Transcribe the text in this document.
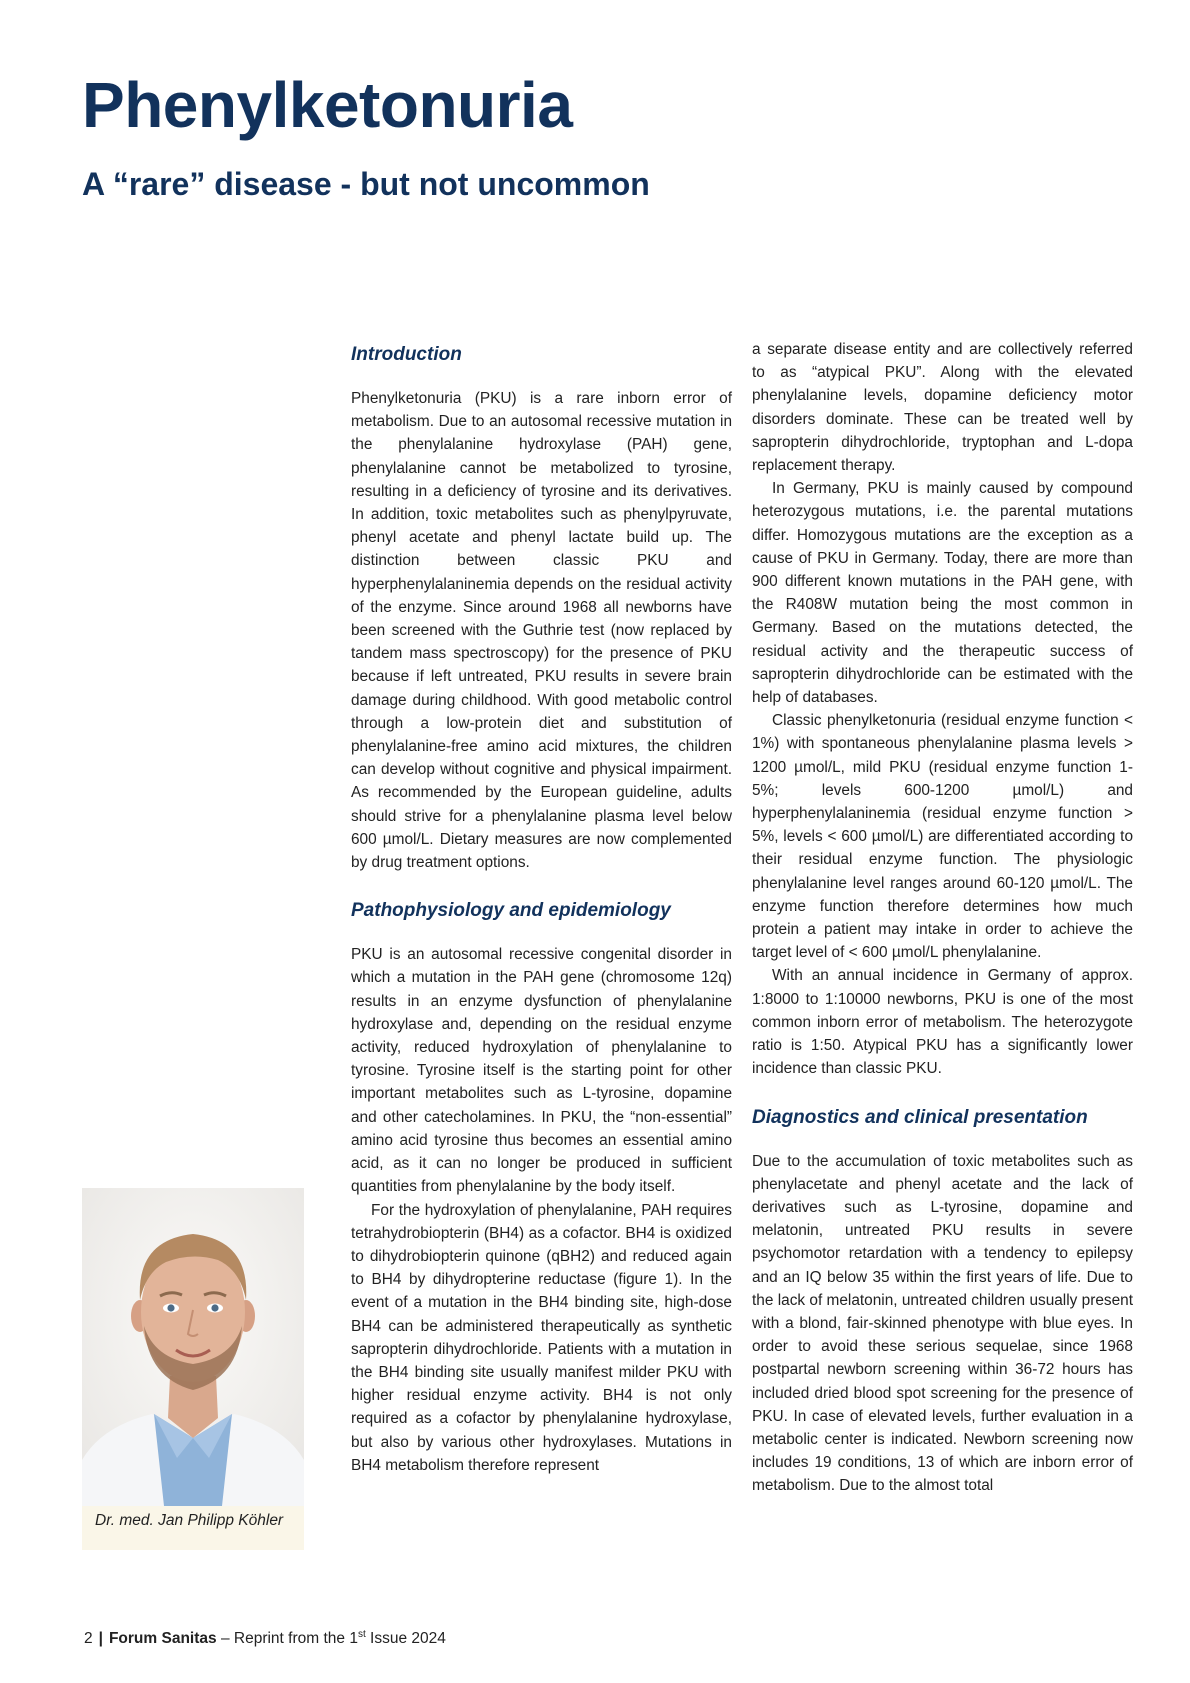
Phenylketonuria
A “rare” disease - but not uncommon
Introduction

Phenylketonuria (PKU) is a rare inborn error of metabolism. Due to an autosomal recessive mutation in the phenylalanine hydroxylase (PAH) gene, phenylalanine cannot be metabolized to tyrosine, resulting in a deficiency of tyrosine and its derivatives. In addition, toxic metabolites such as phenylpyruvate, phenyl acetate and phenyl lactate build up. The distinction between classic PKU and hyperphenylalaninemia depends on the residual activity of the enzyme. Since around 1968 all newborns have been screened with the Guthrie test (now replaced by tandem mass spectroscopy) for the presence of PKU because if left untreated, PKU results in severe brain damage during childhood. With good metabolic control through a low-protein diet and substitution of phenylalanine-free amino acid mixtures, the children can develop without cognitive and physical impairment. As recommended by the European guideline, adults should strive for a phenylalanine plasma level below 600 µmol/L. Dietary measures are now complemented by drug treatment options.

Pathophysiology and epidemiology

PKU is an autosomal recessive congenital disorder in which a mutation in the PAH gene (chromosome 12q) results in an enzyme dysfunction of phenylalanine hydroxylase and, depending on the residual enzyme activity, reduced hydroxylation of phenylalanine to tyrosine. Tyrosine itself is the starting point for other important metabolites such as L-tyrosine, dopamine and other catecholamines. In PKU, the “non-essential” amino acid tyrosine thus becomes an essential amino acid, as it can no longer be produced in sufficient quantities from phenylalanine by the body itself.

For the hydroxylation of phenylalanine, PAH requires tetrahydrobiopterin (BH4) as a cofactor. BH4 is oxidized to dihydrobiopterin quinone (qBH2) and reduced again to BH4 by dihydropterine reductase (figure 1). In the event of a mutation in the BH4 binding site, high-dose BH4 can be administered therapeutically as synthetic sapropterin dihydrochloride. Patients with a mutation in the BH4 binding site usually manifest milder PKU with higher residual enzyme activity. BH4 is not only required as a cofactor by phenylalanine hydroxylase, but also by various other hydroxylases. Mutations in BH4 metabolism therefore represent

a separate disease entity and are collectively referred to as “atypical PKU”. Along with the elevated phenylalanine levels, dopamine deficiency motor disorders dominate. These can be treated well by sapropterin dihydrochloride, tryptophan and L-dopa replacement therapy.

In Germany, PKU is mainly caused by compound heterozygous mutations, i.e. the parental mutations differ. Homozygous mutations are the exception as a cause of PKU in Germany. Today, there are more than 900 different known mutations in the PAH gene, with the R408W mutation being the most common in Germany. Based on the mutations detected, the residual activity and the therapeutic success of sapropterin dihydrochloride can be estimated with the help of databases.

Classic phenylketonuria (residual enzyme function < 1%) with spontaneous phenylalanine plasma levels > 1200 µmol/L, mild PKU (residual enzyme function 1-5%; levels 600-1200 µmol/L) and hyperphenylalaninemia (residual enzyme function > 5%, levels < 600 µmol/L) are differentiated according to their residual enzyme function. The physiologic phenylalanine level ranges around 60-120 µmol/L. The enzyme function therefore determines how much protein a patient may intake in order to achieve the target level of < 600 µmol/L phenylalanine.

With an annual incidence in Germany of approx. 1:8000 to 1:10000 newborns, PKU is one of the most common inborn error of metabolism. The heterozygote ratio is 1:50. Atypical PKU has a significantly lower incidence than classic PKU.

Diagnostics and clinical presentation

Due to the accumulation of toxic metabolites such as phenylacetate and phenyl acetate and the lack of derivatives such as L-tyrosine, dopamine and melatonin, untreated PKU results in severe psychomotor retardation with a tendency to epilepsy and an IQ below 35 within the first years of life. Due to the lack of melatonin, untreated children usually present with a blond, fair-skinned phenotype with blue eyes. In order to avoid these serious sequelae, since 1968 postpartal newborn screening within 36-72 hours has included dried blood spot screening for the presence of PKU. In case of elevated levels, further evaluation in a metabolic center is indicated. Newborn screening now includes 19 conditions, 13 of which are inborn error of metabolism. Due to the almost total

Dr. med. Jan Philipp Köhler
2 | Forum Sanitas – Reprint from the 1st Issue 2024
